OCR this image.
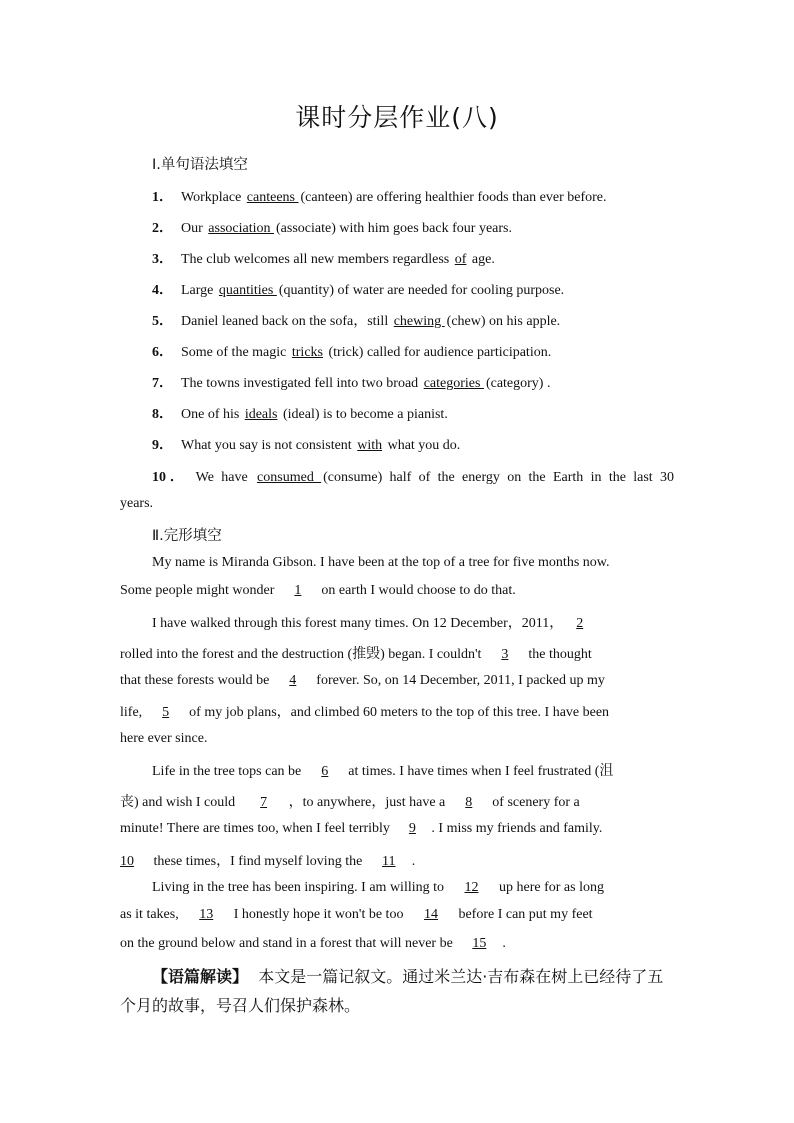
课时分层作业(八)
Ⅰ.单句语法填空
1． Workplace canteens (canteen) are offering healthier foods than ever before.
2． Our association (associate) with him goes back four years.
3． The club welcomes all new members regardless of age.
4． Large quantities (quantity) of water are needed for cooling purpose.
5． Daniel leaned back on the sofa，still chewing (chew) on his apple.
6． Some of the magic tricks (trick) called for audience participation.
7． The towns investigated fell into two broad categories (category) .
8． One of his ideals (ideal) is to become a pianist.
9． What you say is not consistent with what you do.
10． We have consumed (consume) half of the energy on the Earth in the last 30
years.
Ⅱ.完形填空
My name is Miranda Gibson. I have been at the top of a tree for five months now.
Some people might wonder 1 on earth I would choose to do that.
I have walked through this forest many times. On 12 December，2011， 2
rolled into the forest and the destruction (推毁) began. I couldn't 3 the thought
that these forests would be 4 forever. So, on 14 December, 2011, I packed up my
life, 5 of my job plans，and climbed 60 meters to the top of this tree. I have been
here ever since.
Life in the tree tops can be 6 at times. I have times when I feel frustrated (沮
丧) and wish I could 7 ，to anywhere，just have a 8 of scenery for a
minute! There are times too, when I feel terribly 9 . I miss my friends and family.
10 these times，I find myself loving the 11 .
Living in the tree has been inspiring. I am willing to 12 up here for as long
as it takes, 13 I honestly hope it won't be too 14 before I can put my feet
on the ground below and stand in a forest that will never be 15 .
【语篇解读】 本文是一篇记叙文。通过米兰达·吉布森在树上已经待了五个月的故事，号召人们保护森林。
